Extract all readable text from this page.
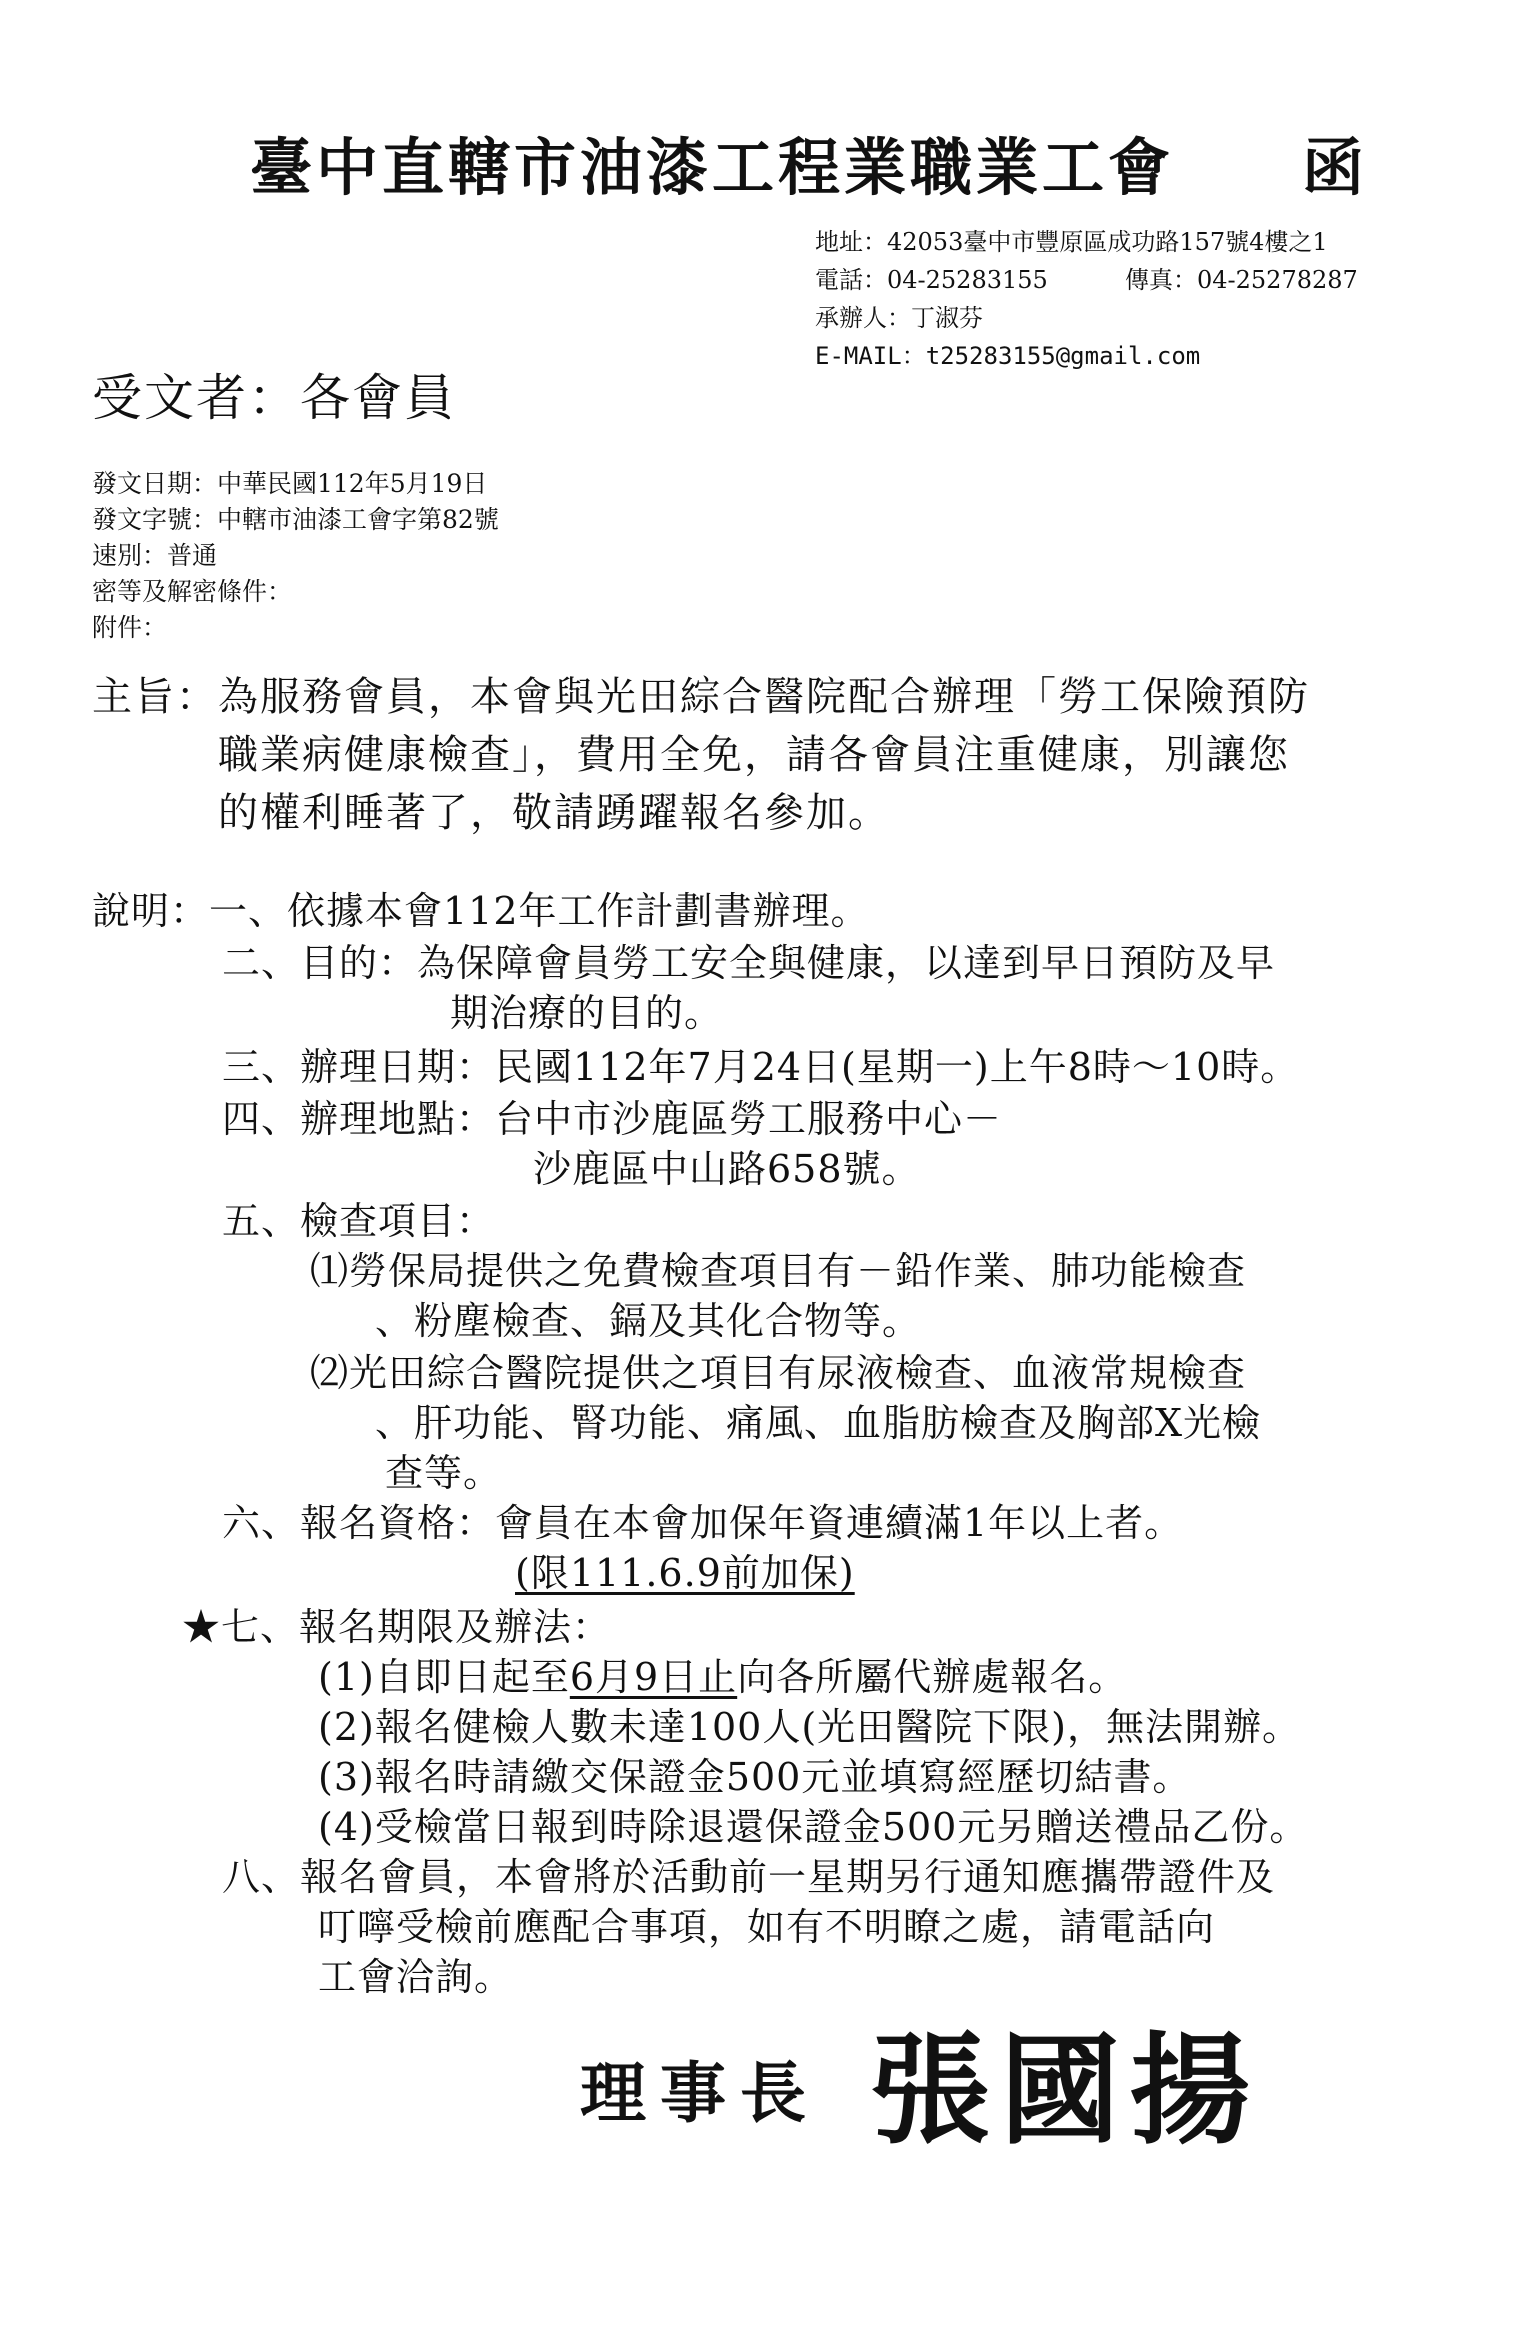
臺中直轄市油漆工程業職業工會 函
地址：42053臺中市豐原區成功路157號4樓之1
電話：04-25283155	傳真：04-25278287
承辦人：丁淑芬
E-MAIL：t25283155@gmail.com
受文者：各會員
發文日期：中華民國112年5月19日
發文字號：中轄市油漆工會字第82號
速別：普通
密等及解密條件：
附件：
主旨：為服務會員，本會與光田綜合醫院配合辦理「勞工保險預防
職業病健康檢查」，費用全免，請各會員注重健康，別讓您
的權利睡著了，敬請踴躍報名參加。
說明：一、依據本會112年工作計劃書辦理。
二、目的：為保障會員勞工安全與健康，以達到早日預防及早
期治療的目的。
三、辦理日期：民國112年7月24日(星期一)上午8時～10時。
四、辦理地點：台中市沙鹿區勞工服務中心－
沙鹿區中山路658號。
五、檢查項目：
⑴勞保局提供之免費檢查項目有－鉛作業、肺功能檢查
、粉塵檢查、鎘及其化合物等。
⑵光田綜合醫院提供之項目有尿液檢查、血液常規檢查
、肝功能、腎功能、痛風、血脂肪檢查及胸部X光檢
查等。
六、報名資格：會員在本會加保年資連續滿1年以上者。
(限111.6.9前加保)
★七、報名期限及辦法：
(1)自即日起至6月9日止向各所屬代辦處報名。
(2)報名健檢人數未達100人(光田醫院下限)，無法開辦。
(3)報名時請繳交保證金500元並填寫經歷切結書。
(4)受檢當日報到時除退還保證金500元另贈送禮品乙份。
八、報名會員，本會將於活動前一星期另行通知應攜帶證件及
叮嚀受檢前應配合事項，如有不明瞭之處，請電話向
工會洽詢。
理事長 張國揚
